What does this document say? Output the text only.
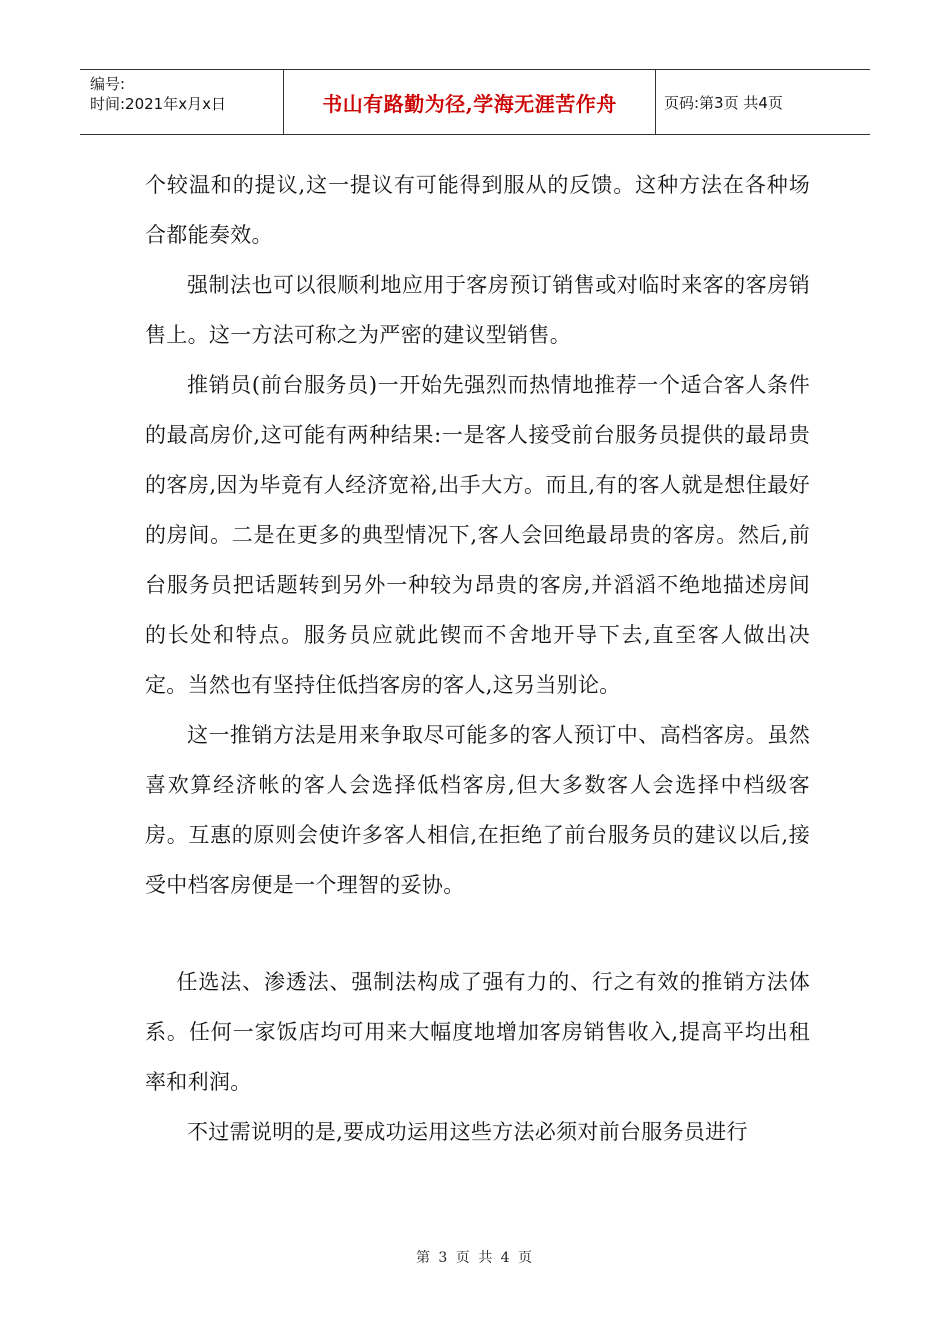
编号:
时间:2021年x月x日	书山有路勤为径,学海无涯苦作舟	页码:第3页 共4页

个较温和的提议,这一提议有可能得到服从的反馈。这种方法在各种场合都能奏效。

强制法也可以很顺利地应用于客房预订销售或对临时来客的客房销售上。这一方法可称之为严密的建议型销售。

推销员(前台服务员)一开始先强烈而热情地推荐一个适合客人条件的最高房价,这可能有两种结果:一是客人接受前台服务员提供的最昂贵的客房,因为毕竟有人经济宽裕,出手大方。而且,有的客人就是想住最好的房间。二是在更多的典型情况下,客人会回绝最昂贵的客房。然后,前台服务员把话题转到另外一种较为昂贵的客房,并滔滔不绝地描述房间的长处和特点。服务员应就此锲而不舍地开导下去,直至客人做出决定。当然也有坚持住低挡客房的客人,这另当别论。

这一推销方法是用来争取尽可能多的客人预订中、高档客房。虽然喜欢算经济帐的客人会选择低档客房,但大多数客人会选择中档级客房。互惠的原则会使许多客人相信,在拒绝了前台服务员的建议以后,接受中档客房便是一个理智的妥协。

任选法、渗透法、强制法构成了强有力的、行之有效的推销方法体系。任何一家饭店均可用来大幅度地增加客房销售收入,提高平均出租率和利润。

不过需说明的是,要成功运用这些方法必须对前台服务员进行

第 3 页 共 4 页
